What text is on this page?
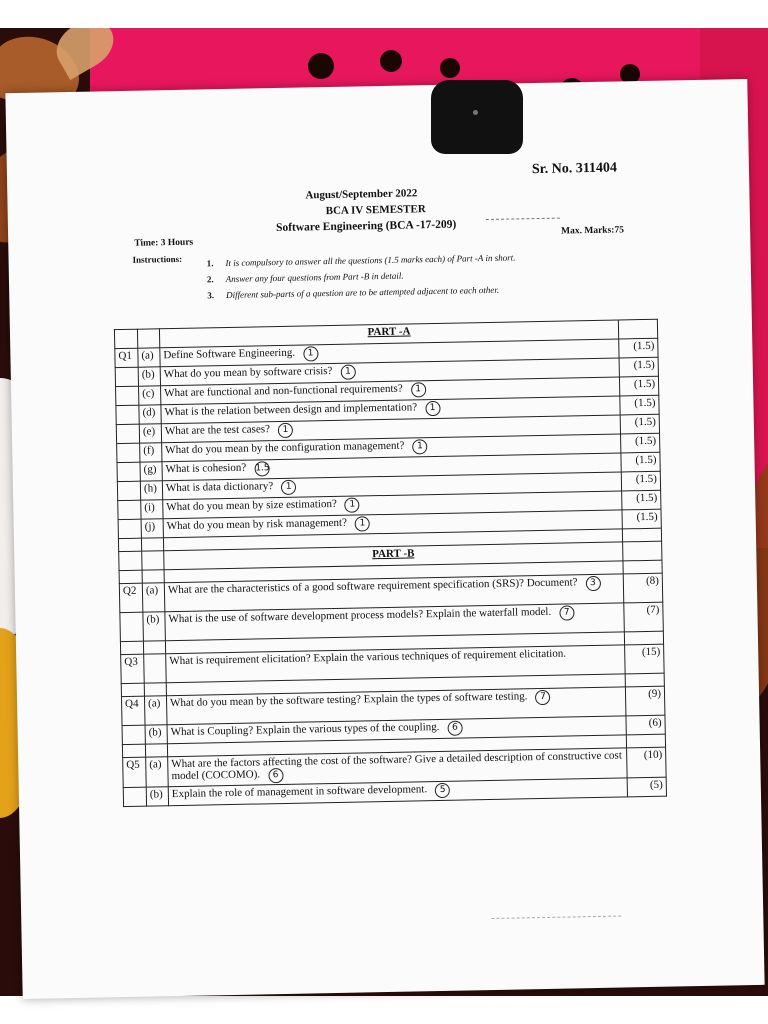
Sr. No. 311404
August/September 2022
BCA IV SEMESTER
Software Engineering (BCA -17-209)
Time: 3 Hours
Max. Marks:75
Instructions:	1. It is compulsory to answer all the questions (1.5 marks each) of Part -A in short.
2. Answer any four questions from Part -B in detail.
3. Different sub-parts of a question are to be attempted adjacent to each other.
		PART -A	
Q1	(a)	Define Software Engineering. 1	(1.5)
	(b)	What do you mean by software crisis? 1	(1.5)
	(c)	What are functional and non-functional requirements? 1	(1.5)
	(d)	What is the relation between design and implementation? 1	(1.5)
	(e)	What are the test cases? 1	(1.5)
	(f)	What do you mean by the configuration management? 1	(1.5)
	(g)	What is cohesion? 1.5	(1.5)
	(h)	What is data dictionary? 1	(1.5)
	(i)	What do you mean by size estimation? 1	(1.5)
	(j)	What do you mean by risk management? 1	(1.5)

		PART -B	

Q2	(a)	What are the characteristics of a good software requirement specification (SRS)? Document? 3	(8)
	(b)	What is the use of software development process models? Explain the waterfall model. 7	(7)

Q3		What is requirement elicitation? Explain the various techniques of requirement elicitation.	(15)

Q4	(a)	What do you mean by the software testing? Explain the types of software testing. 7	(9)
	(b)	What is Coupling? Explain the various types of the coupling. 6	(6)

Q5	(a)	What are the factors affecting the cost of the software? Give a detailed description of constructive cost model (COCOMO). 6	(10)
	(b)	Explain the role of management in software development. 5	(5)
